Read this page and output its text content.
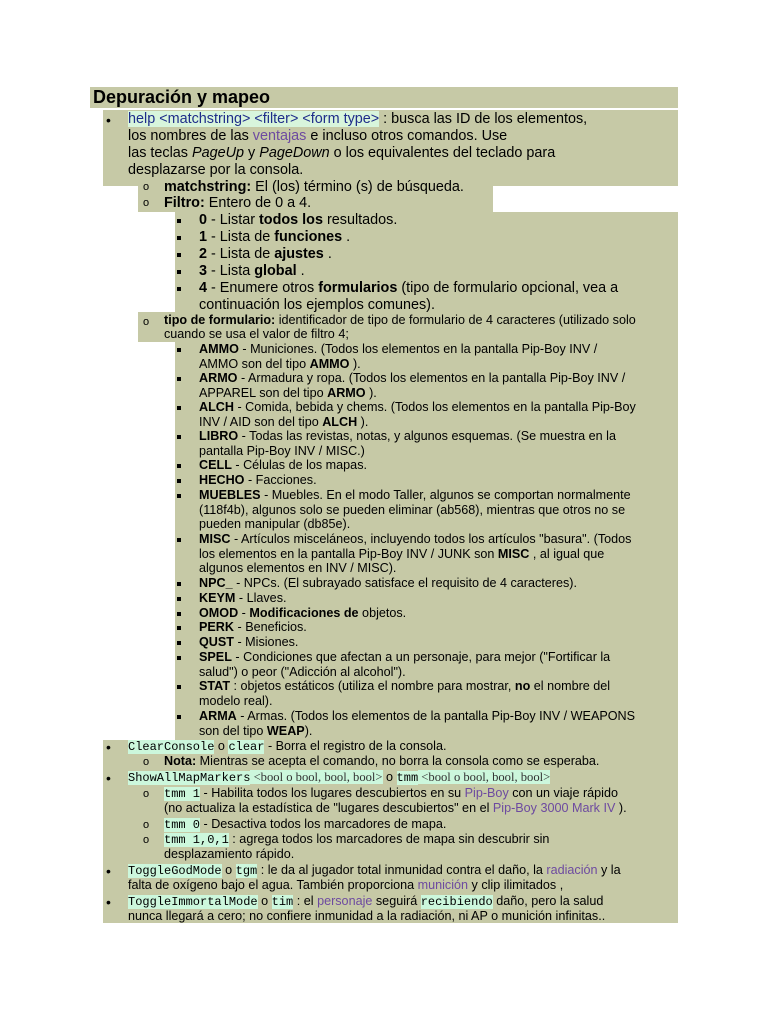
Depuración y mapeo
• help <matchstring> <filter> <form type> : busca las ID de los elementos,
los nombres de las ventajas e incluso otros comandos. Use
las teclas PageUp y PageDown o los equivalentes del teclado para
desplazarse por la consola.
o matchstring: El (los) término (s) de búsqueda.
o Filtro: Entero de 0 a 4.
0 - Listar todos los resultados.
1 - Lista de funciones .
2 - Lista de ajustes .
3 - Lista global .
4 - Enumere otros formularios (tipo de formulario opcional, vea a
continuación los ejemplos comunes).
o tipo de formulario: identificador de tipo de formulario de 4 caracteres (utilizado solo
cuando se usa el valor de filtro 4;
AMMO - Municiones. (Todos los elementos en la pantalla Pip-Boy INV /
AMMO son del tipo AMMO ).
ARMO - Armadura y ropa. (Todos los elementos en la pantalla Pip-Boy INV /
APPAREL son del tipo ARMO ).
ALCH - Comida, bebida y chems. (Todos los elementos en la pantalla Pip-Boy
INV / AID son del tipo ALCH ).
LIBRO - Todas las revistas, notas, y algunos esquemas. (Se muestra en la
pantalla Pip-Boy INV / MISC.)
CELL - Células de los mapas.
HECHO - Facciones.
MUEBLES - Muebles. En el modo Taller, algunos se comportan normalmente
(118f4b), algunos solo se pueden eliminar (ab568), mientras que otros no se
pueden manipular (db85e).
MISC - Artículos misceláneos, incluyendo todos los artículos "basura". (Todos
los elementos en la pantalla Pip-Boy INV / JUNK son MISC , al igual que
algunos elementos en INV / MISC).
NPC_ - NPCs. (El subrayado satisface el requisito de 4 caracteres).
KEYM - Llaves.
OMOD - Modificaciones de objetos.
PERK - Beneficios.
QUST - Misiones.
SPEL - Condiciones que afectan a un personaje, para mejor ("Fortificar la
salud") o peor ("Adicción al alcohol").
STAT : objetos estáticos (utiliza el nombre para mostrar, no el nombre del
modelo real).
ARMA - Armas. (Todos los elementos de la pantalla Pip-Boy INV / WEAPONS
son del tipo WEAP).
• ClearConsole o clear - Borra el registro de la consola.
o Nota: Mientras se acepta el comando, no borra la consola como se esperaba.
• ShowAllMapMarkers <bool o bool, bool, bool> o tmm <bool o bool, bool, bool>
o tmm 1 - Habilita todos los lugares descubiertos en su Pip-Boy con un viaje rápido
(no actualiza la estadística de "lugares descubiertos" en el Pip-Boy 3000 Mark IV ).
o tmm 0 - Desactiva todos los marcadores de mapa.
o tmm 1,0,1 : agrega todos los marcadores de mapa sin descubrir sin
desplazamiento rápido.
• ToggleGodMode o tgm : le da al jugador total inmunidad contra el daño, la radiación y la
falta de oxígeno bajo el agua. También proporciona munición y clip ilimitados ,
• ToggleImmortalMode o tim : el personaje seguirá recibiendo daño, pero la salud
nunca llegará a cero; no confiere inmunidad a la radiación, ni AP o munición infinitas..
